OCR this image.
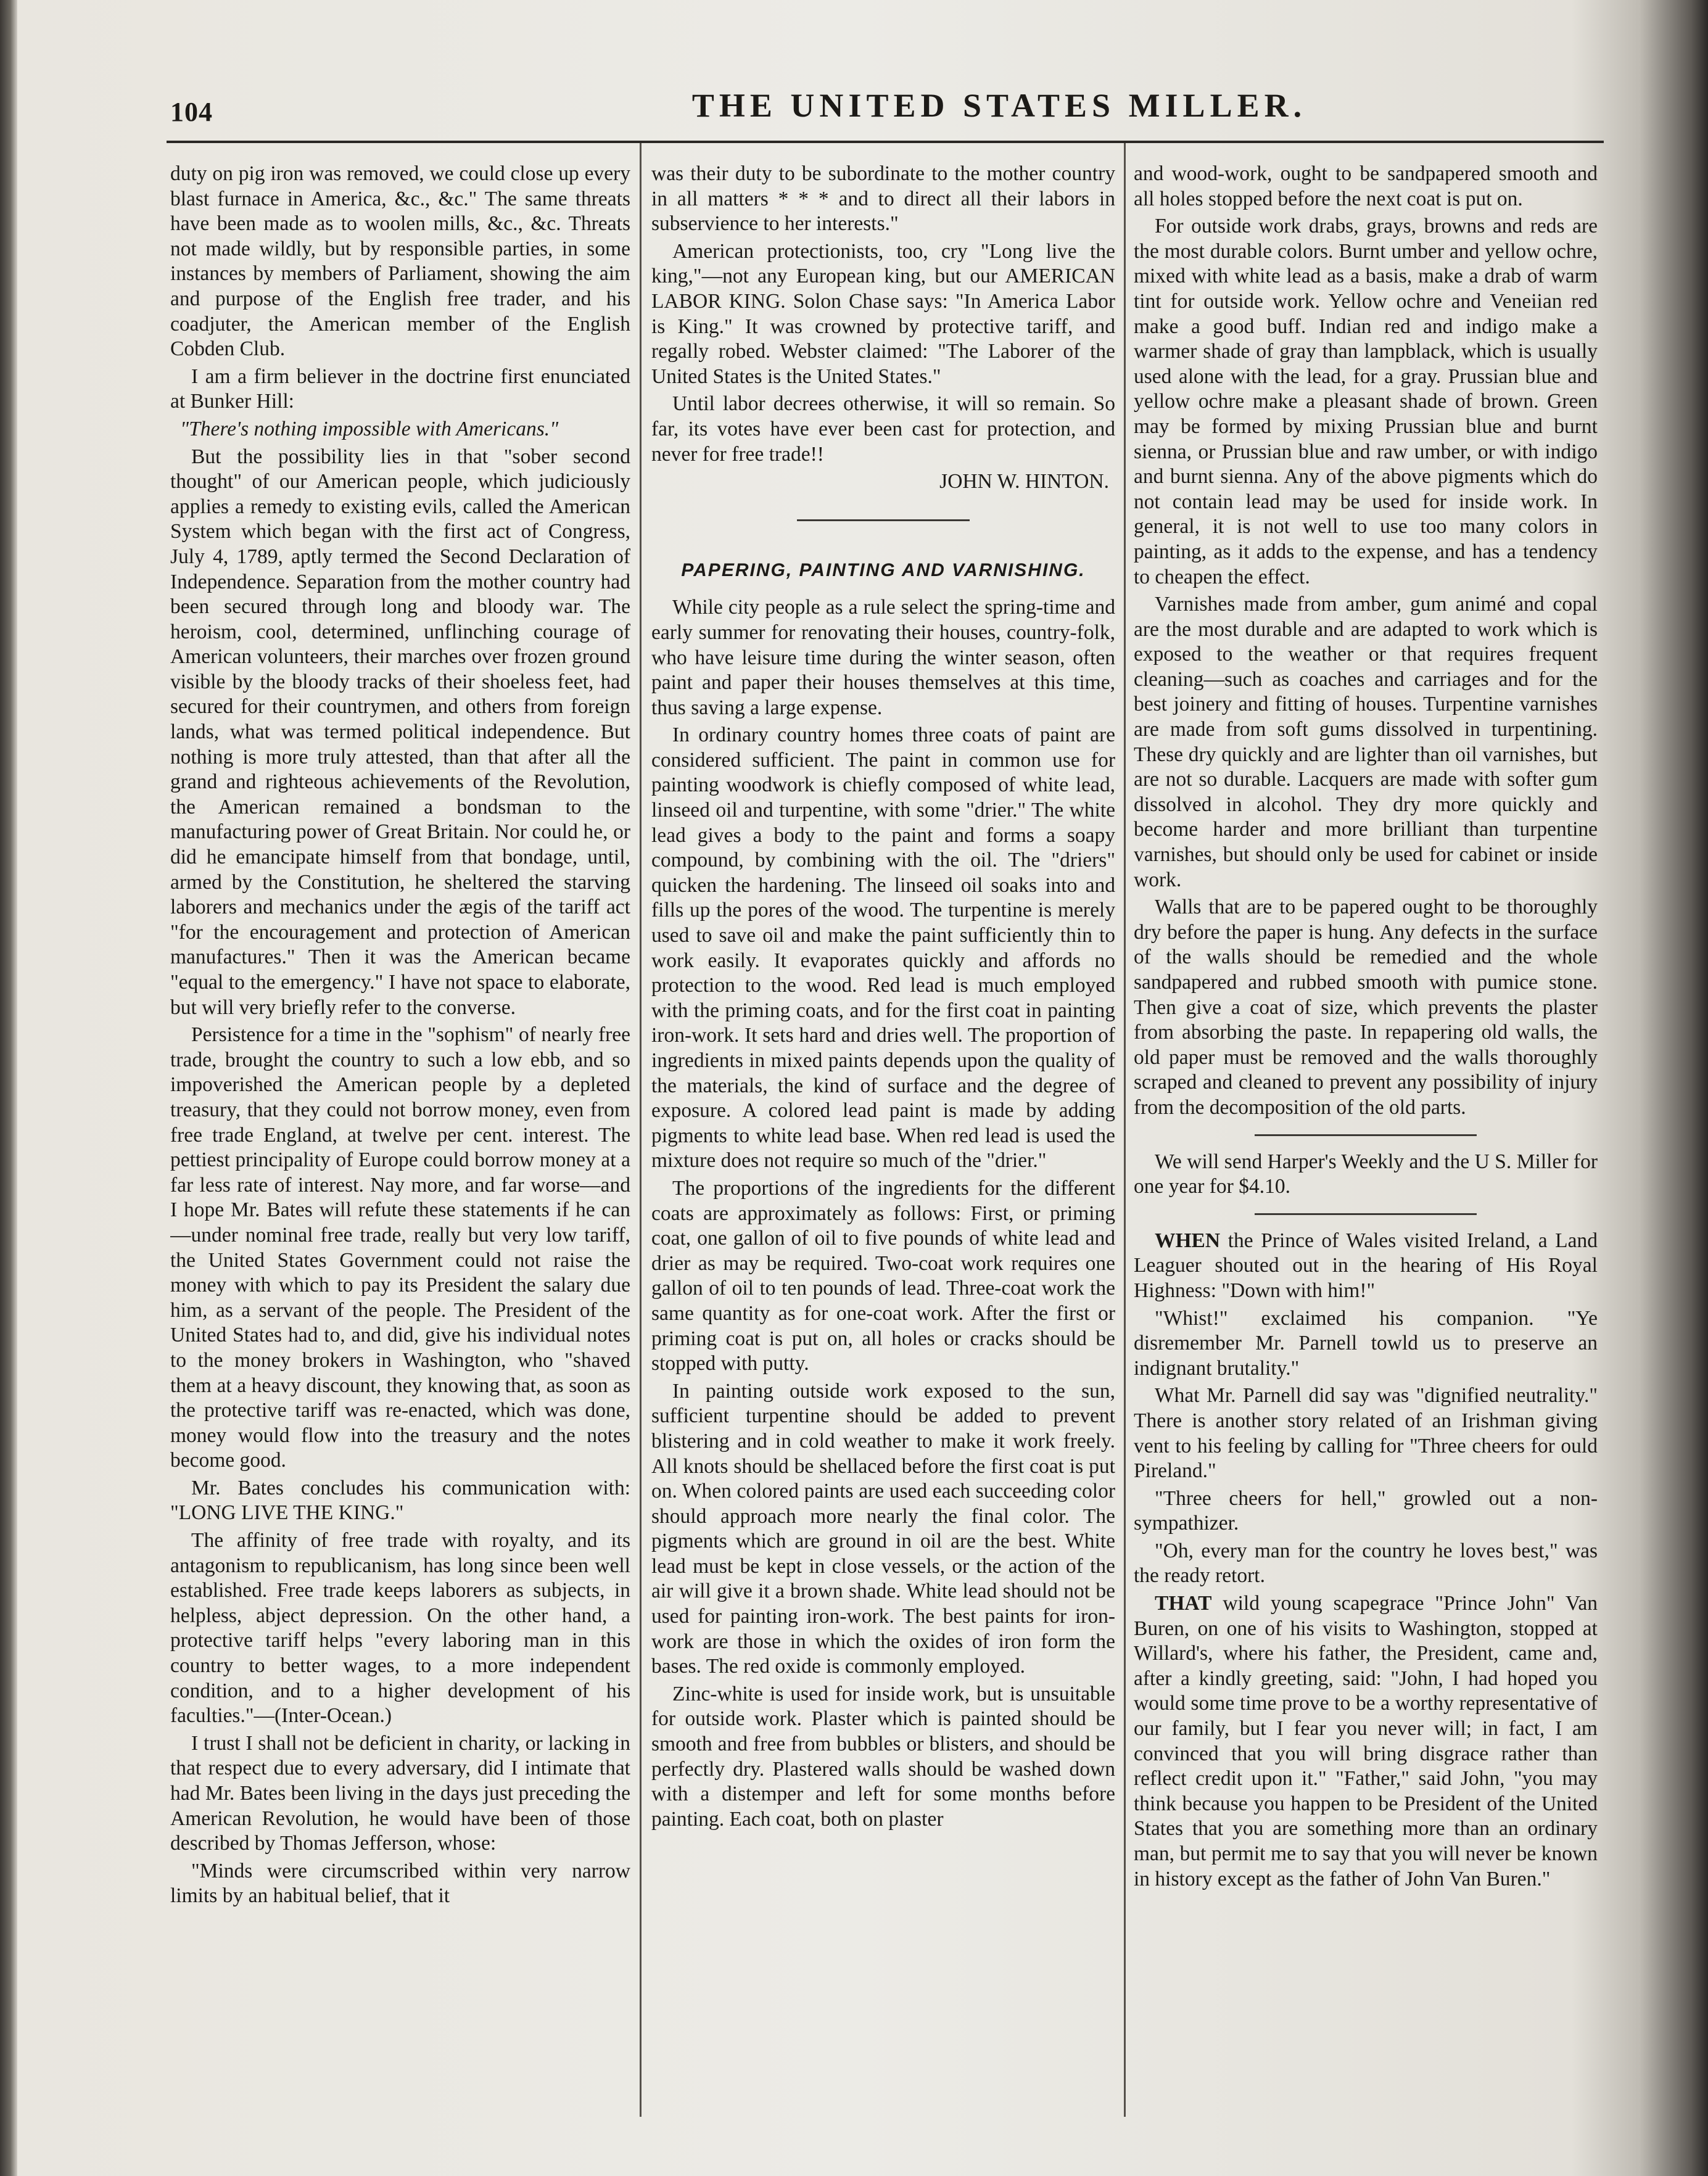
104	THE UNITED STATES MILLER.

duty on pig iron was removed, we could close up every blast furnace in America, &c., &c." The same threats have been made as to woolen mills, &c., &c. Threats not made wildly, but by responsible parties, in some instances by members of Parliament, showing the aim and purpose of the English free trader, and his coadjuter, the American member of the English Cobden Club.

I am a firm believer in the doctrine first enunciated at Bunker Hill:

"There's nothing impossible with Americans."

But the possibility lies in that "sober second thought" of our American people, which judiciously applies a remedy to existing evils, called the American System which began with the first act of Congress, July 4, 1789, aptly termed the Second Declaration of Independence. Separation from the mother country had been secured through long and bloody war. The heroism, cool, determined, unflinching courage of American volunteers, their marches over frozen ground visible by the bloody tracks of their shoeless feet, had secured for their countrymen, and others from foreign lands, what was termed political independence. But nothing is more truly attested, than that after all the grand and righteous achievements of the Revolution, the American remained a bondsman to the manufacturing power of Great Britain. Nor could he, or did he emancipate himself from that bondage, until, armed by the Constitution, he sheltered the starving laborers and mechanics under the ægis of the tariff act "for the encouragement and protection of American manufactures." Then it was the American became "equal to the emergency." I have not space to elaborate, but will very briefly refer to the converse.

Persistence for a time in the "sophism" of nearly free trade, brought the country to such a low ebb, and so impoverished the American people by a depleted treasury, that they could not borrow money, even from free trade England, at twelve per cent. interest. The pettiest principality of Europe could borrow money at a far less rate of interest. Nay more, and far worse—and I hope Mr. Bates will refute these statements if he can—under nominal free trade, really but very low tariff, the United States Government could not raise the money with which to pay its President the salary due him, as a servant of the people. The President of the United States had to, and did, give his individual notes to the money brokers in Washington, who "shaved them at a heavy discount, they knowing that, as soon as the protective tariff was re-enacted, which was done, money would flow into the treasury and the notes become good.

Mr. Bates concludes his communication with: "LONG LIVE THE KING."

The affinity of free trade with royalty, and its antagonism to republicanism, has long since been well established. Free trade keeps laborers as subjects, in helpless, abject depression. On the other hand, a protective tariff helps "every laboring man in this country to better wages, to a more independent condition, and to a higher development of his faculties."—(Inter-Ocean.)

I trust I shall not be deficient in charity, or lacking in that respect due to every adversary, did I intimate that had Mr. Bates been living in the days just preceding the American Revolution, he would have been of those described by Thomas Jefferson, whose:

"Minds were circumscribed within very narrow limits by an habitual belief, that it

was their duty to be subordinate to the mother country in all matters * * * and to direct all their labors in subservience to her interests."

American protectionists, too, cry "Long live the king,"—not any European king, but our AMERICAN LABOR KING. Solon Chase says: "In America Labor is King." It was crowned by protective tariff, and regally robed. Webster claimed: "The Laborer of the United States is the United States."

Until labor decrees otherwise, it will so remain. So far, its votes have ever been cast for protection, and never for free trade!!

JOHN W. HINTON.

PAPERING, PAINTING AND VARNISHING.

While city people as a rule select the spring-time and early summer for renovating their houses, country-folk, who have leisure time during the winter season, often paint and paper their houses themselves at this time, thus saving a large expense.

In ordinary country homes three coats of paint are considered sufficient. The paint in common use for painting woodwork is chiefly composed of white lead, linseed oil and turpentine, with some "drier." The white lead gives a body to the paint and forms a soapy compound, by combining with the oil. The "driers" quicken the hardening. The linseed oil soaks into and fills up the pores of the wood. The turpentine is merely used to save oil and make the paint sufficiently thin to work easily. It evaporates quickly and affords no protection to the wood. Red lead is much employed with the priming coats, and for the first coat in painting iron-work. It sets hard and dries well. The proportion of ingredients in mixed paints depends upon the quality of the materials, the kind of surface and the degree of exposure. A colored lead paint is made by adding pigments to white lead base. When red lead is used the mixture does not require so much of the "drier."

The proportions of the ingredients for the different coats are approximately as follows: First, or priming coat, one gallon of oil to five pounds of white lead and drier as may be required. Two-coat work requires one gallon of oil to ten pounds of lead. Three-coat work the same quantity as for one-coat work. After the first or priming coat is put on, all holes or cracks should be stopped with putty.

In painting outside work exposed to the sun, sufficient turpentine should be added to prevent blistering and in cold weather to make it work freely. All knots should be shellaced before the first coat is put on. When colored paints are used each succeeding color should approach more nearly the final color. The pigments which are ground in oil are the best. White lead must be kept in close vessels, or the action of the air will give it a brown shade. White lead should not be used for painting iron-work. The best paints for iron-work are those in which the oxides of iron form the bases. The red oxide is commonly employed.

Zinc-white is used for inside work, but is unsuitable for outside work. Plaster which is painted should be smooth and free from bubbles or blisters, and should be perfectly dry. Plastered walls should be washed down with a distemper and left for some months before painting. Each coat, both on plaster

and wood-work, ought to be sandpapered smooth and all holes stopped before the next coat is put on.

For outside work drabs, grays, browns and reds are the most durable colors. Burnt umber and yellow ochre, mixed with white lead as a basis, make a drab of warm tint for outside work. Yellow ochre and Veneiian red make a good buff. Indian red and indigo make a warmer shade of gray than lampblack, which is usually used alone with the lead, for a gray. Prussian blue and yellow ochre make a pleasant shade of brown. Green may be formed by mixing Prussian blue and burnt sienna, or Prussian blue and raw umber, or with indigo and burnt sienna. Any of the above pigments which do not contain lead may be used for inside work. In general, it is not well to use too many colors in painting, as it adds to the expense, and has a tendency to cheapen the effect.

Varnishes made from amber, gum animé and copal are the most durable and are adapted to work which is exposed to the weather or that requires frequent cleaning—such as coaches and carriages and for the best joinery and fitting of houses. Turpentine varnishes are made from soft gums dissolved in turpentining. These dry quickly and are lighter than oil varnishes, but are not so durable. Lacquers are made with softer gum dissolved in alcohol. They dry more quickly and become harder and more brilliant than turpentine varnishes, but should only be used for cabinet or inside work.

Walls that are to be papered ought to be thoroughly dry before the paper is hung. Any defects in the surface of the walls should be remedied and the whole sandpapered and rubbed smooth with pumice stone. Then give a coat of size, which prevents the plaster from absorbing the paste. In repapering old walls, the old paper must be removed and the walls thoroughly scraped and cleaned to prevent any possibility of injury from the decomposition of the old parts.

We will send Harper's Weekly and the U S. Miller for one year for $4.10.

WHEN the Prince of Wales visited Ireland, a Land Leaguer shouted out in the hearing of His Royal Highness: "Down with him!"

"Whist!" exclaimed his companion. "Ye disremember Mr. Parnell towld us to preserve an indignant brutality."

What Mr. Parnell did say was "dignified neutrality." There is another story related of an Irishman giving vent to his feeling by calling for "Three cheers for ould Pireland."

"Three cheers for hell," growled out a non-sympathizer.

"Oh, every man for the country he loves best," was the ready retort.

THAT wild young scapegrace "Prince John" Van Buren, on one of his visits to Washington, stopped at Willard's, where his father, the President, came and, after a kindly greeting, said: "John, I had hoped you would some time prove to be a worthy representative of our family, but I fear you never will; in fact, I am convinced that you will bring disgrace rather than reflect credit upon it." "Father," said John, "you may think because you happen to be President of the United States that you are something more than an ordinary man, but permit me to say that you will never be known in history except as the father of John Van Buren."
